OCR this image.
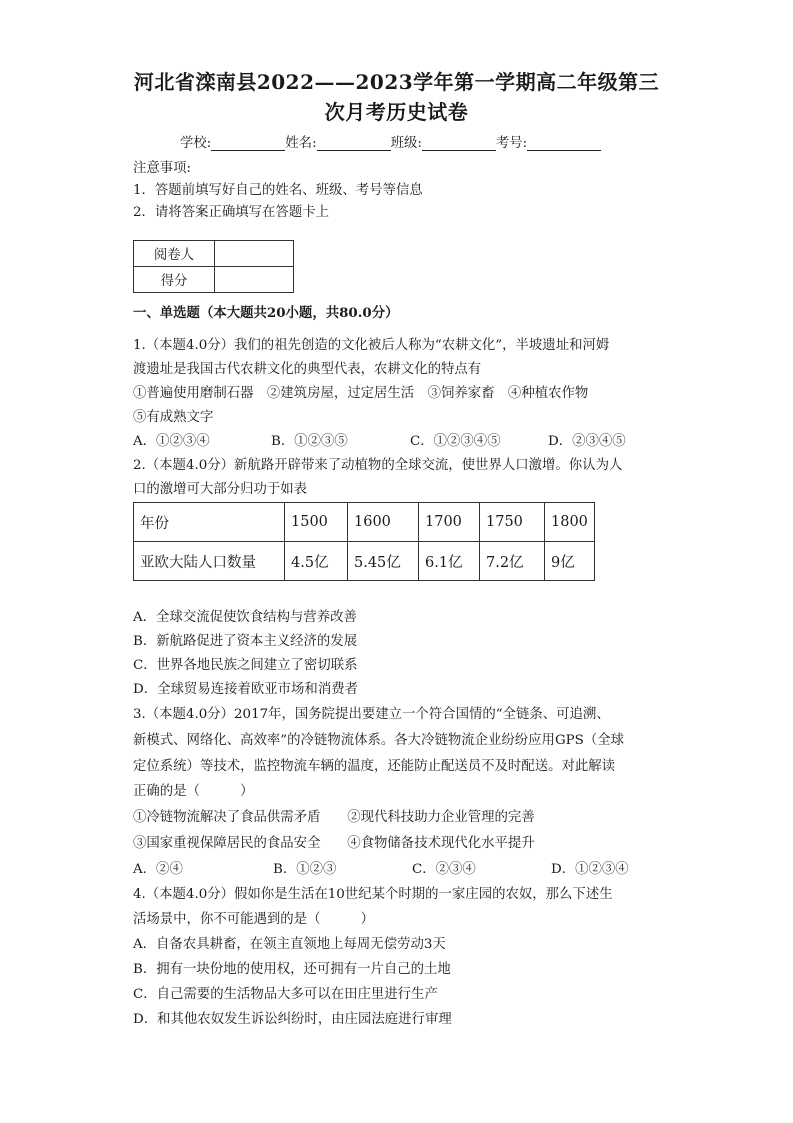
河北省滦南县2022——2023学年第一学期高二年级第三
次月考历史试卷
学校:	姓名:	班级:	考号:
注意事项:
1．答题前填写好自己的姓名、班级、考号等信息
2．请将答案正确填写在答题卡上
阅卷人	
得分	
一、单选题（本大题共20小题，共80.0分）
1.（本题4.0分）我们的祖先创造的文化被后人称为“农耕文化”，半坡遗址和河姆
渡遗址是我国古代农耕文化的典型代表，农耕文化的特点有
①普遍使用磨制石器　②建筑房屋，过定居生活　③饲养家畜　④种植农作物
⑤有成熟文字
A．①②③④	B．①②③⑤	C．①②③④⑤	D．②③④⑤
2.（本题4.0分）新航路开辟带来了动植物的全球交流，使世界人口激增。你认为人
口的激增可大部分归功于如表
年份	1500	1600	1700	1750	1800
亚欧大陆人口数量	4.5亿	5.45亿	6.1亿	7.2亿	9亿
A．全球交流促使饮食结构与营养改善
B．新航路促进了资本主义经济的发展
C．世界各地民族之间建立了密切联系
D．全球贸易连接着欧亚市场和消费者
3.（本题4.0分）2017年，国务院提出要建立一个符合国情的“全链条、可追溯、
新模式、网络化、高效率”的冷链物流体系。各大冷链物流企业纷纷应用GPS（全球
定位系统）等技术，监控物流车辆的温度，还能防止配送员不及时配送。对此解读
正确的是（　　　）
①冷链物流解决了食品供需矛盾　　②现代科技助力企业管理的完善
③国家重视保障居民的食品安全　　④食物储备技术现代化水平提升
A．②④	B．①②③	C．②③④	D．①②③④
4.（本题4.0分）假如你是生活在10世纪某个时期的一家庄园的农奴，那么下述生
活场景中，你不可能遇到的是（　　　）
A．自备农具耕畜，在领主直领地上每周无偿劳动3天
B．拥有一块份地的使用权，还可拥有一片自己的土地
C．自己需要的生活物品大多可以在田庄里进行生产
D．和其他农奴发生诉讼纠纷时，由庄园法庭进行审理
